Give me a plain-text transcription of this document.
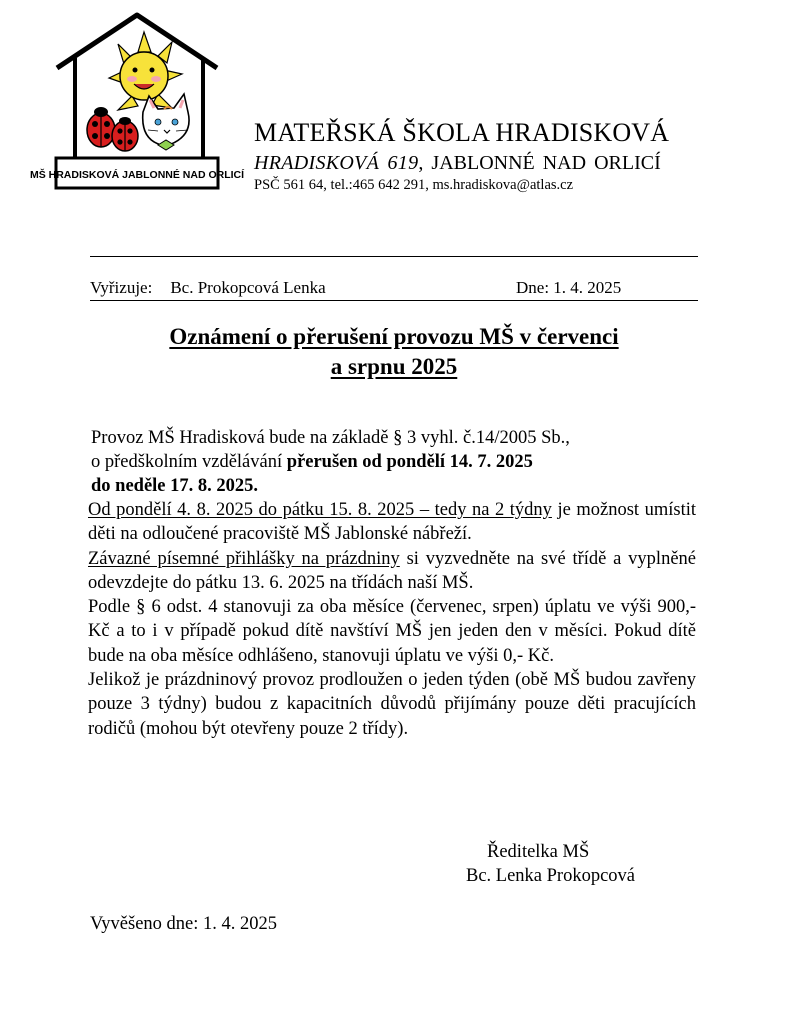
MŠ HRADISKOVÁ JABLONNÉ NAD ORLICÍ
MATEŘSKÁ ŠKOLA HRADISKOVÁ
HRADISKOVÁ 619, JABLONNÉ NAD ORLICÍ
PSČ 561 64, tel.:465 642 291, ms.hradiskova@atlas.cz
Vyřizuje: Bc. Prokopcová Lenka	Dne: 1. 4. 2025
Oznámení o přerušení provozu MŠ v červenci
a srpnu 2025
Provoz MŠ Hradisková bude na základě § 3 vyhl. č.14/2005 Sb.,
o předškolním vzdělávání přerušen od pondělí 14. 7. 2025
do neděle 17. 8. 2025.

Od pondělí 4. 8. 2025 do pátku 15. 8. 2025 – tedy na 2 týdny je možnost umístit děti na odloučené pracoviště MŠ Jablonské nábřeží.

Závazné písemné přihlášky na prázdniny si vyzvedněte na své třídě a vyplněné odevzdejte do pátku 13. 6. 2025 na třídách naší MŠ.

Podle § 6 odst. 4 stanovuji za oba měsíce (červenec, srpen) úplatu ve výši 900,- Kč a to i v případě pokud dítě navštíví MŠ jen jeden den v měsíci. Pokud dítě bude na oba měsíce odhlášeno, stanovuji úplatu ve výši 0,- Kč.

Jelikož je prázdninový provoz prodloužen o jeden týden (obě MŠ budou zavřeny pouze 3 týdny) budou z kapacitních důvodů přijímány pouze děti pracujících rodičů (mohou být otevřeny pouze 2 třídy).

Ředitelka MŠ
Bc. Lenka Prokopcová
Vyvěšeno dne: 1. 4. 2025
